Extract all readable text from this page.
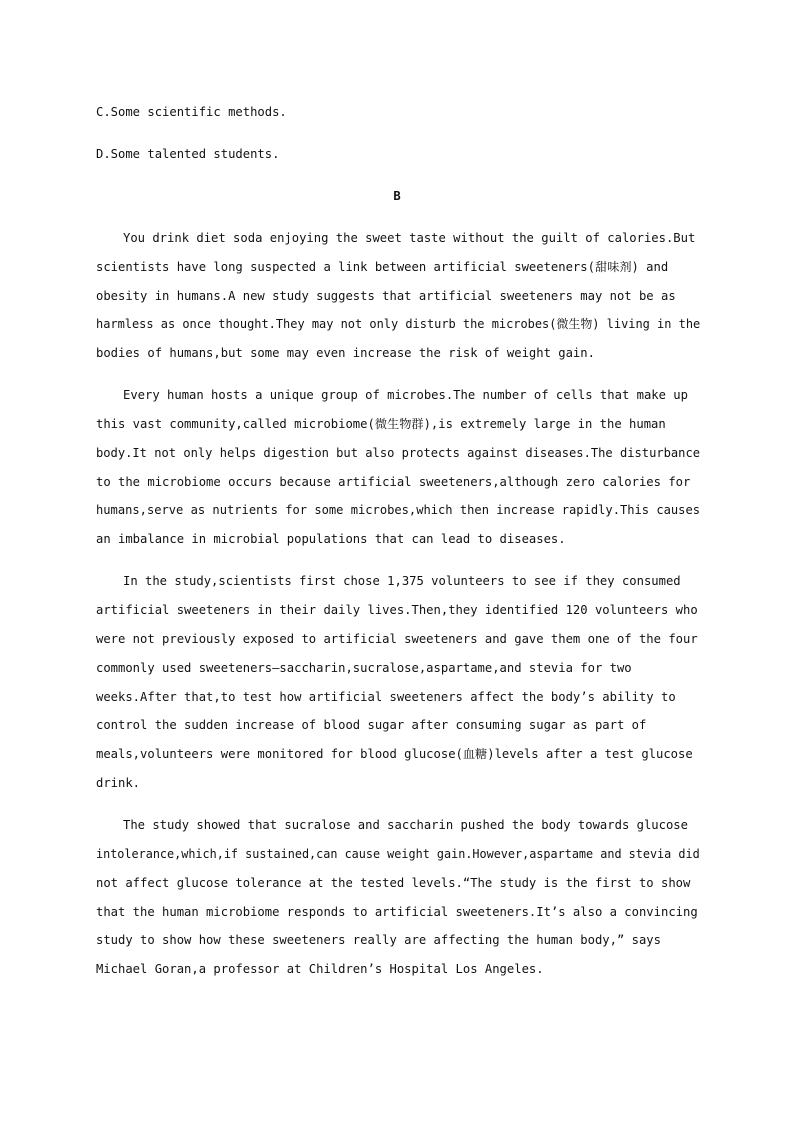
C.Some scientific methods.
D.Some talented students.
B
You drink diet soda enjoying the sweet taste without the guilt of calories.But
scientists have long suspected a link between artificial sweeteners(甜味剂) and
obesity in humans.A new study suggests that artificial sweeteners may not be as
harmless as once thought.They may not only disturb the microbes(微生物) living in the
bodies of humans,but some may even increase the risk of weight gain.
Every human hosts a unique group of microbes.The number of cells that make up
this vast community,called microbiome(微生物群),is extremely large in the human
body.It not only helps digestion but also protects against diseases.The disturbance
to the microbiome occurs because artificial sweeteners,although zero calories for
humans,serve as nutrients for some microbes,which then increase rapidly.This causes
an imbalance in microbial populations that can lead to diseases.
In the study,scientists first chose 1,375 volunteers to see if they consumed
artificial sweeteners in their daily lives.Then,they identified 120 volunteers who
were not previously exposed to artificial sweeteners and gave them one of the four
commonly used sweeteners—saccharin,sucralose,aspartame,and stevia for two
weeks.After that,to test how artificial sweeteners affect the body’s ability to
control the sudden increase of blood sugar after consuming sugar as part of
meals,volunteers were monitored for blood glucose(血糖)levels after a test glucose
drink.
The study showed that sucralose and saccharin pushed the body towards glucose
intolerance,which,if sustained,can cause weight gain.However,aspartame and stevia did
not affect glucose tolerance at the tested levels.“The study is the first to show
that the human microbiome responds to artificial sweeteners.It’s also a convincing
study to show how these sweeteners really are affecting the human body,” says
Michael Goran,a professor at Children’s Hospital Los Angeles.
